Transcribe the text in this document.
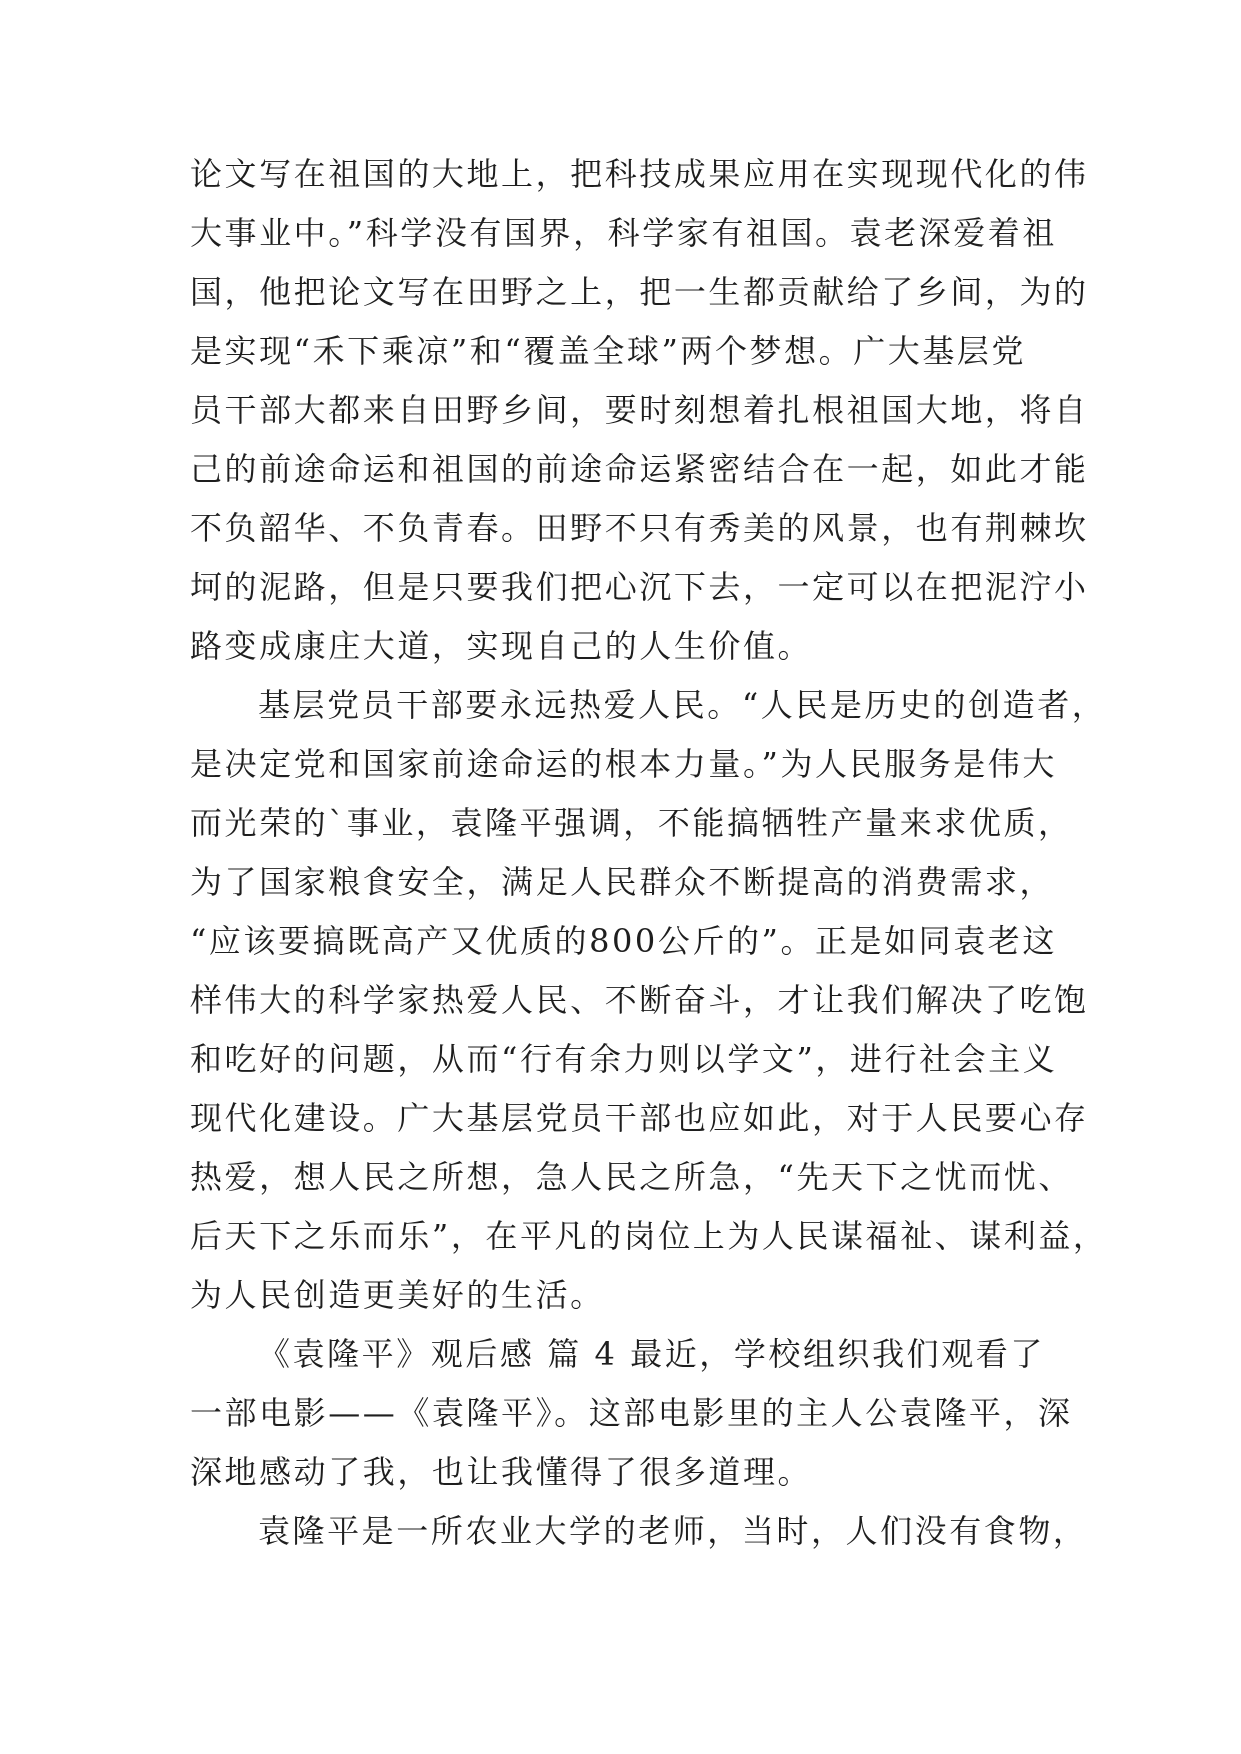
论文写在祖国的大地上，把科技成果应用在实现现代化的伟
大事业中。”科学没有国界，科学家有祖国。袁老深爱着祖
国，他把论文写在田野之上，把一生都贡献给了乡间，为的
是实现“禾下乘凉”和“覆盖全球”两个梦想。广大基层党
员干部大都来自田野乡间，要时刻想着扎根祖国大地，将自
己的前途命运和祖国的前途命运紧密结合在一起，如此才能
不负韶华、不负青春。田野不只有秀美的风景，也有荆棘坎
坷的泥路，但是只要我们把心沉下去，一定可以在把泥泞小
路变成康庄大道，实现自己的人生价值。
基层党员干部要永远热爱人民。“人民是历史的创造者，
是决定党和国家前途命运的根本力量。”为人民服务是伟大
而光荣的`事业，袁隆平强调，不能搞牺牲产量来求优质，
为了国家粮食安全，满足人民群众不断提高的消费需求，
“应该要搞既高产又优质的800公斤的”。正是如同袁老这
样伟大的科学家热爱人民、不断奋斗，才让我们解决了吃饱
和吃好的问题，从而“行有余力则以学文”，进行社会主义
现代化建设。广大基层党员干部也应如此，对于人民要心存
热爱，想人民之所想，急人民之所急，“先天下之忧而忧、
后天下之乐而乐”，在平凡的岗位上为人民谋福祉、谋利益，
为人民创造更美好的生活。
《袁隆平》观后感 篇 4 最近，学校组织我们观看了
一部电影——《袁隆平》。这部电影里的主人公袁隆平，深
深地感动了我，也让我懂得了很多道理。
袁隆平是一所农业大学的老师，当时，人们没有食物，
